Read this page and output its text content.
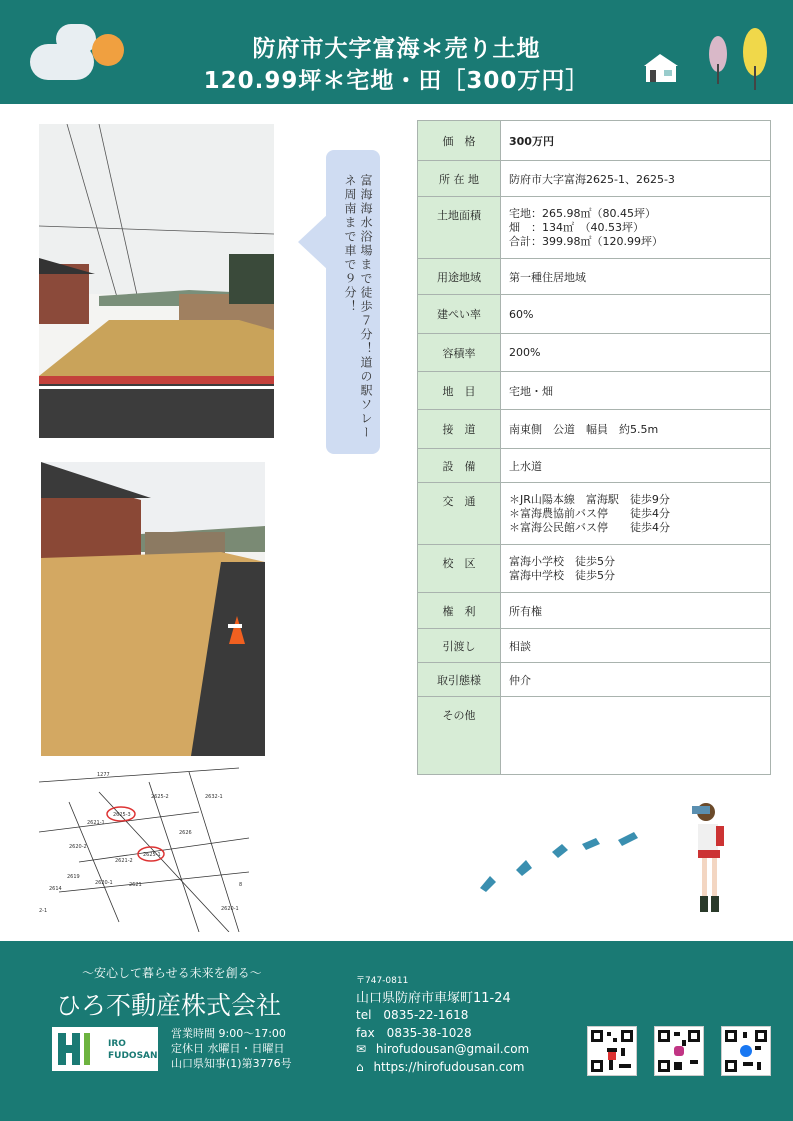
防府市大字富海＊売り土地
120.99坪＊宅地・田［300万円］
富海海水浴場まで徒歩７分！道の駅ソレーネ周南まで車で９分！
1277
2625-3
2625-2	2632-1
2621-1
2626
2620-2
2625-1
2621-2
2620-1	2621
2619
2-1	2620-1
8
2614
価　格	300万円
所 在 地	防府市大字富海2625-1、2625-3
土地面積	宅地：265.98㎡（80.45坪）
畑　：134㎡　（40.53坪）
合計：399.98㎡（120.99坪）
用途地域	第一種住居地域
建ぺい率	60%
容積率	200%
地　目	宅地・畑
接　道	南東側　公道　幅員　約5.5m
設　備	上水道
交　通	＊JR山陽本線　富海駅　徒歩9分
＊富海農協前バス停　　徒歩4分
＊富海公民館バス停　　徒歩4分
校　区	富海小学校　徒歩5分
富海中学校　徒歩5分
権　利	所有権
引渡し	相談
取引態様	仲介
その他	
〜安心して暮らせる未来を創る〜
ひろ不動産株式会社
IRO
FUDOSAN
営業時間 9:00〜17:00
定休日 水曜日・日曜日
山口県知事(1)第3776号
〒747-0811
山口県防府市車塚町11-24
tel　0835-22-1618
fax　0835-38-1028
✉ hirofudousan@gmail.com
⌂ https://hirofudousan.com
